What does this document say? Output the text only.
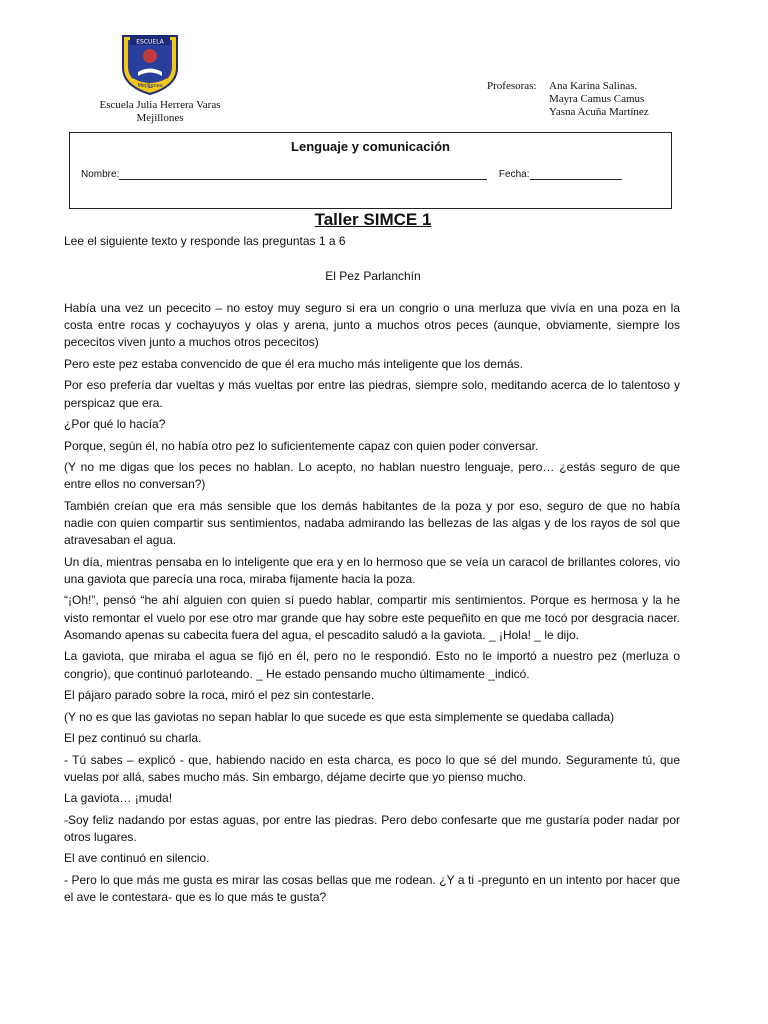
ESCUELA
Mejillones
Escuela Julia Herrera Varas
Mejillones
Profesoras:	Ana Karina Salinas.
Mayra Camus Camus
Yasna Acuña Martínez
Lenguaje y comunicación
Nombre:	Fecha:
Taller SIMCE 1
Lee el siguiente texto y responde las preguntas 1 a 6
El Pez Parlanchín

Había una vez un pececito – no estoy muy seguro si era un congrio o una merluza que vivía en una poza en la costa entre rocas y cochayuyos y olas y arena, junto a muchos otros peces (aunque, obviamente, siempre los pececitos viven junto a muchos otros pececitos)

Pero este pez estaba convencido de que él era mucho más inteligente que los demás.

Por eso prefería dar vueltas y más vueltas por entre las piedras, siempre solo, meditando acerca de lo talentoso y perspicaz que era.

¿Por qué lo hacía?

Porque, según él, no había otro pez lo suficientemente capaz con quien poder conversar.

(Y no me digas que los peces no hablan. Lo acepto, no hablan nuestro lenguaje, pero… ¿estás seguro de que entre ellos no conversan?)

También creían que era más sensible que los demás habitantes de la poza y por eso, seguro de que no había nadie con quien compartir sus sentimientos, nadaba admirando las bellezas de las algas y de los rayos de sol que atravesaban el agua.

Un día, mientras pensaba en lo inteligente que era y en lo hermoso que se veía un caracol de brillantes colores, vio una gaviota que parecía una roca, miraba fijamente hacia la poza.

“¡Oh!”, pensó “he ahí alguien con quien sí puedo hablar, compartir mis sentimientos. Porque es hermosa y la he visto remontar el vuelo por ese otro mar grande que hay sobre este pequeñito en que me tocó por desgracia nacer. Asomando apenas su cabecita fuera del agua, el pescadito saludó a la gaviota. _ ¡Hola! _ le dijo.

La gaviota, que miraba el agua se fijó en él, pero no le respondió. Esto no le importó a nuestro pez (merluza o congrio), que continuó parloteando. _ He estado pensando mucho últimamente _indicó.

El pájaro parado sobre la roca, miró el pez sin contestarle.

(Y no es que las gaviotas no sepan hablar lo que sucede es que esta simplemente se quedaba callada)

El pez continuó su charla.

- Tú sabes – explicó - que, habiendo nacido en esta charca, es poco lo que sé del mundo. Seguramente tú, que vuelas por allá, sabes mucho más. Sin embargo, déjame decirte que yo pienso mucho.

La gaviota… ¡muda!

-Soy feliz nadando por estas aguas, por entre las piedras. Pero debo confesarte que me gustaría poder nadar por otros lugares.

El ave continuó en silencio.

- Pero lo que más me gusta es mirar las cosas bellas que me rodean. ¿Y a ti -pregunto en un intento por hacer que el ave le contestara- que es lo que más te gusta?
